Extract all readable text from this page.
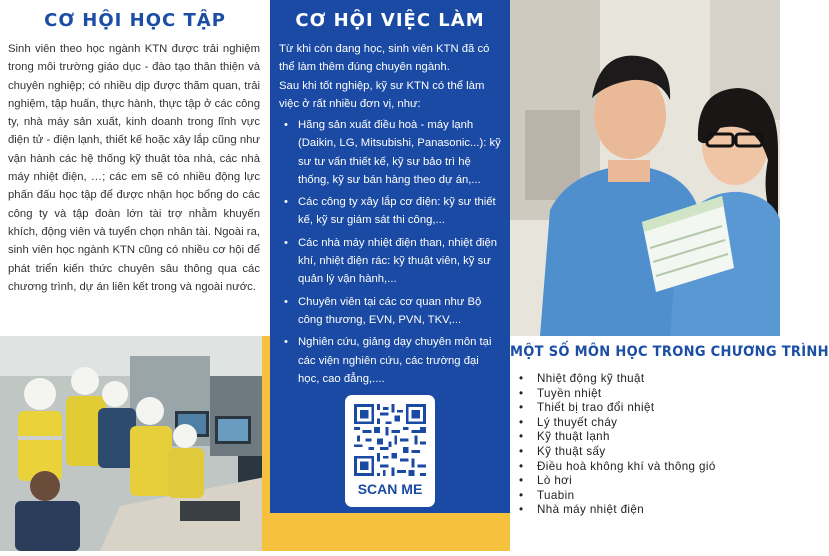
CƠ HỘI HỌC TẬP

Sinh viên theo học ngành KTN được trải nghiệm trong môi trường giáo dục - đào tạo thân thiện và chuyên nghiệp; có nhiều dịp được thăm quan, trải nghiệm, tập huấn, thực hành, thực tập ở các công ty, nhà máy sản xuất, kinh doanh trong lĩnh vực điện tử - điện lạnh, thiết kế hoặc xây lắp cũng như vận hành các hệ thống kỹ thuật tòa nhà, các nhà máy nhiệt điện, …; các em sẽ có nhiều động lực phấn đấu học tập để được nhận học bổng do các công ty và tập đoàn lớn tài trợ nhằm khuyến khích, động viên và tuyển chọn nhân tài. Ngoài ra, sinh viên học ngành KTN cũng có nhiều cơ hội để phát triển kiến thức chuyên sâu thông qua các chương trình, dự án liên kết trong và ngoài nước.

CƠ HỘI VIỆC LÀM

Từ khi còn đang học, sinh viên KTN đã có thể làm thêm đúng chuyên ngành.

Sau khi tốt nghiệp, kỹ sư KTN có thể làm việc ở rất nhiều đơn vị, như:

• Hãng sản xuất điều hoà - máy lạnh (Daikin, LG, Mitsubishi, Panasonic...): kỹ sư tư vấn thiết kế, kỹ sư bảo trì hệ thống, kỹ sư bán hàng theo dự án,...
• Các công ty xây lắp cơ điện: kỹ sư thiết kế, kỹ sư giám sát thi công,...
• Các nhà máy nhiệt điện than, nhiệt điện khí, nhiệt điện rác: kỹ thuật viên, kỹ sư quản lý vận hành,...
• Chuyên viên tại các cơ quan như Bộ công thương, EVN, PVN, TKV,...
• Nghiên cứu, giảng dạy chuyên môn tại các viện nghiên cứu, các trường đại học, cao đẳng,....
SCAN ME
MỘT SỐ MÔN HỌC TRONG CHƯƠNG TRÌNH
• Nhiệt động kỹ thuật
• Tuyền nhiệt
• Thiết bị trao đổi nhiệt
• Lý thuyết cháy
• Kỹ thuật lạnh
• Kỹ thuật sấy
• Điều hoà không khí và thông gió
• Lò hơi
• Tuabin
• Nhà máy nhiệt điện
